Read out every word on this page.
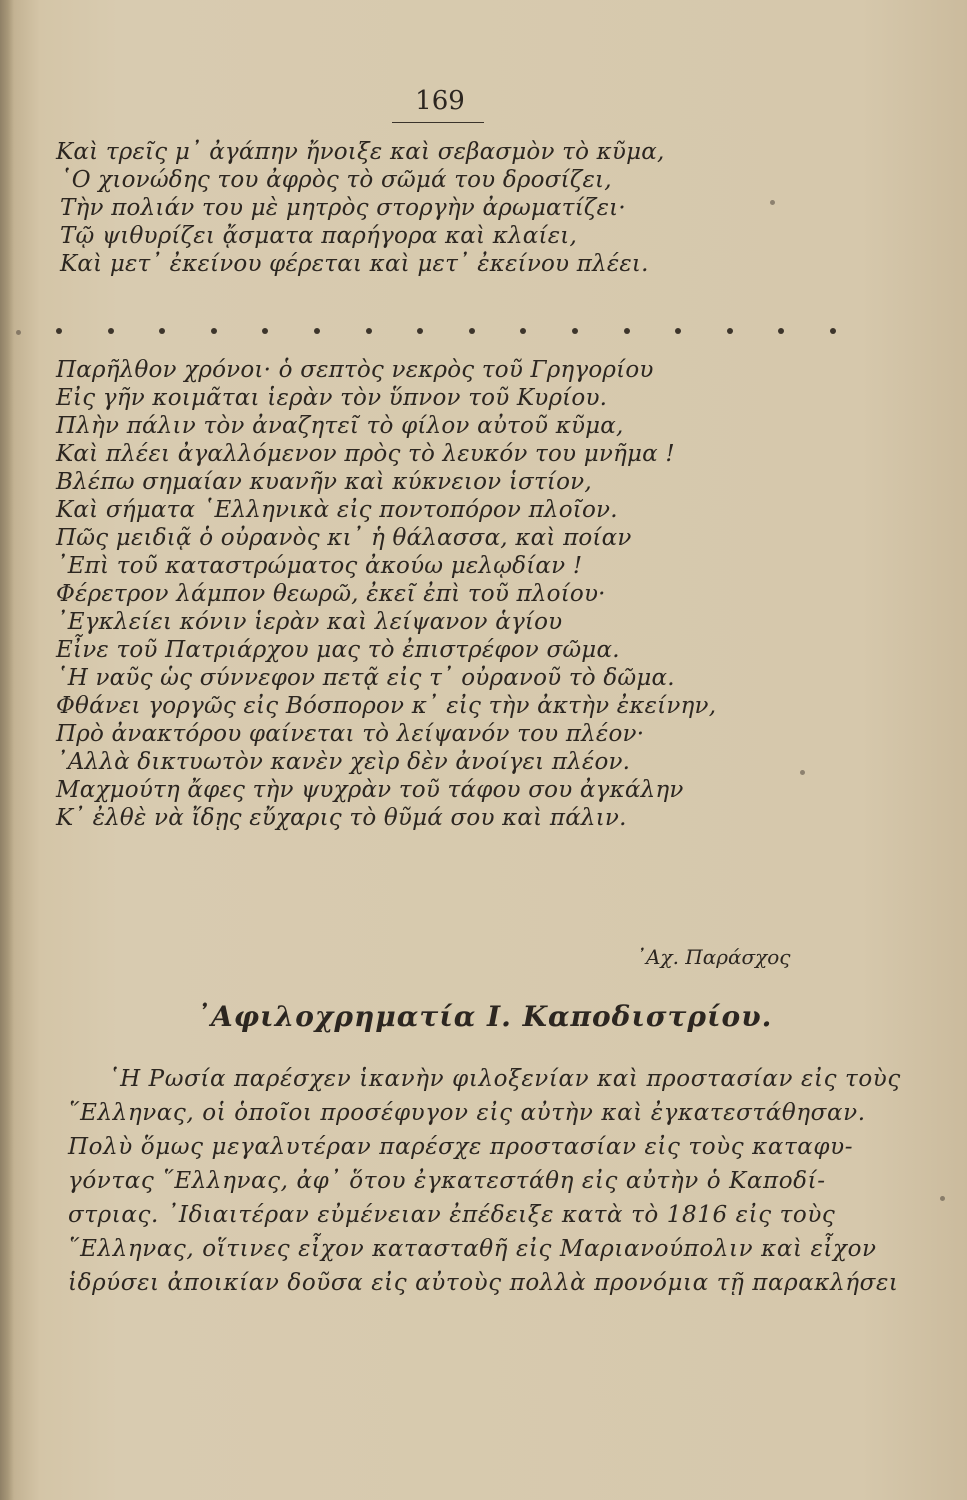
169
Καὶ τρεῖς μ᾽ ἀγάπην ἤνοιξε καὶ σεβασμὸν τὸ κῦμα,
῾Ο χιονώδης του ἀφρὸς τὸ σῶμά του δροσίζει,
Τὴν πολιάν του μὲ μητρὸς στοργὴν ἀρωματίζει·
Τῷ ψιθυρίζει ᾄσματα παρήγορα καὶ κλαίει,
Καὶ μετ᾽ ἐκείνου φέρεται καὶ μετ᾽ ἐκείνου πλέει.
Παρῆλθον χρόνοι· ὁ σεπτὸς νεκρὸς τοῦ Γρηγορίου
Εἰς γῆν κοιμᾶται ἱερὰν τὸν ὕπνον τοῦ Κυρίου.
Πλὴν πάλιν τὸν ἀναζητεῖ τὸ φίλον αὐτοῦ κῦμα,
Καὶ πλέει ἀγαλλόμενον πρὸς τὸ λευκόν του μνῆμα !
Βλέπω σημαίαν κυανῆν καὶ κύκνειον ἱστίον,
Καὶ σήματα ῾Ελληνικὰ εἰς ποντοπόρον πλοῖον.
Πῶς μειδιᾷ ὁ οὐρανὸς κι᾽ ἡ θάλασσα, καὶ ποίαν
᾽Επὶ τοῦ καταστρώματος ἀκούω μελῳδίαν !
Φέρετρον λάμπον θεωρῶ, ἐκεῖ ἐπὶ τοῦ πλοίου·
᾽Εγκλείει κόνιν ἱερὰν καὶ λείψανον ἁγίου
Εἶνε τοῦ Πατριάρχου μας τὸ ἐπιστρέφον σῶμα.
῾Η ναῦς ὡς σύννεφον πετᾷ εἰς τ᾽ οὐρανοῦ τὸ δῶμα.
Φθάνει γοργῶς εἰς Βόσπορον κ᾽ εἰς τὴν ἀκτὴν ἐκείνην,
Πρὸ ἀνακτόρου φαίνεται τὸ λείψανόν του πλέον·
᾽Αλλὰ δικτυωτὸν κανὲν χεὶρ δὲν ἀνοίγει πλέον.
Μαχμούτη ἄφες τὴν ψυχρὰν τοῦ τάφου σου ἀγκάλην
Κ᾽ ἐλθὲ νὰ ἴδῃς εὔχαρις τὸ θῦμά σου καὶ πάλιν.
᾽Αχ. Παράσχος
᾽Αφιλοχρηματία Ι. Καποδιστρίου.
῾Η Ρωσία παρέσχεν ἱκανὴν φιλοξενίαν καὶ προστασίαν εἰς τοὺς
῞Ελληνας, οἱ ὁποῖοι προσέφυγον εἰς αὐτὴν καὶ ἐγκατεστάθησαν.
Πολὺ ὅμως μεγαλυτέραν παρέσχε προστασίαν εἰς τοὺς καταφυ-
γόντας ῞Ελληνας, ἀφ᾽ ὅτου ἐγκατεστάθη εἰς αὐτὴν ὁ Καποδί-
στριας. ᾽Ιδιαιτέραν εὐμένειαν ἐπέδειξε κατὰ τὸ 1816 εἰς τοὺς
῞Ελληνας, οἵτινες εἶχον κατασταθῆ εἰς Μαριανούπολιν καὶ εἶχον
ἱδρύσει ἀποικίαν δοῦσα εἰς αὐτοὺς πολλὰ προνόμια τῇ παρακλήσει
